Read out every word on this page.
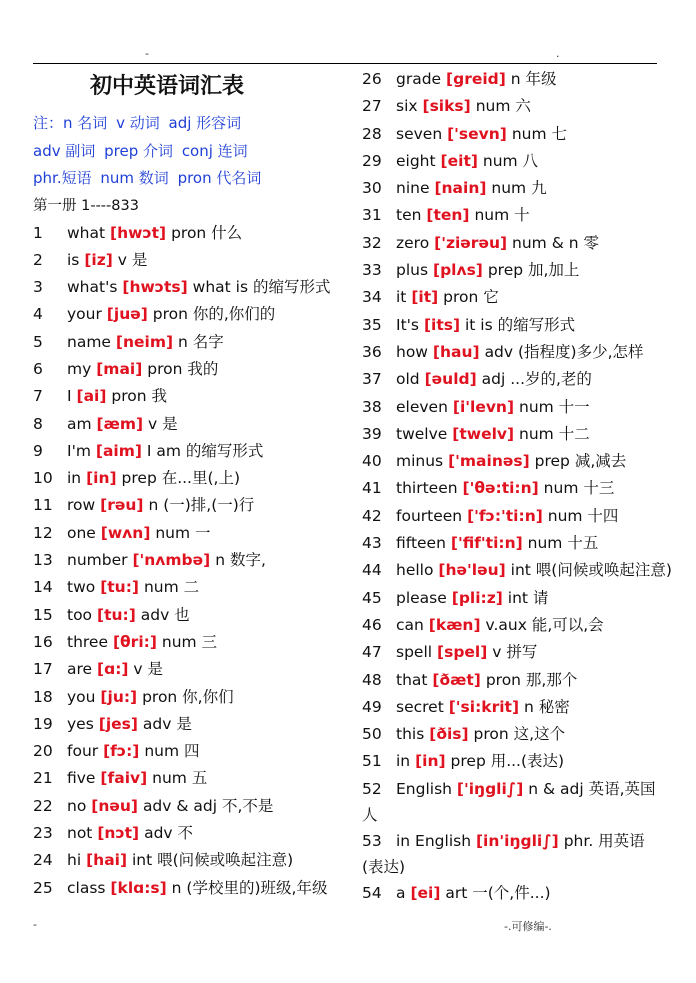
-	.
初中英语词汇表
注：n 名词 v 动词 adj 形容词
adv 副词 prep 介词 conj 连词
phr.短语 num 数词 pron 代名词
第一册 1----833
1 what [hwɔt] pron 什么
2 is [iz] v 是
3 what's [hwɔts] what is 的缩写形式
4 your [juə] pron 你的,你们的
5 name [neim] n 名字
6 my [mai] pron 我的
7 I [ai] pron 我
8 am [æm] v 是
9 I'm [aim] I am 的缩写形式
10 in [in] prep 在...里(,上)
11 row [rəu] n (一)排,(一)行
12 one [wʌn] num 一
13 number ['nʌmbə] n 数字,
14 two [tu:] num 二
15 too [tu:] adv 也
16 three [θri:] num 三
17 are [ɑ:] v 是
18 you [ju:] pron 你,你们
19 yes [jes] adv 是
20 four [fɔ:] num 四
21 five [faiv] num 五
22 no [nəu] adv & adj 不,不是
23 not [nɔt] adv 不
24 hi [hai] int 喂(问候或唤起注意)
25 class [klɑ:s] n (学校里的)班级,年级
26 grade [greid] n 年级
27 six [siks] num 六
28 seven ['sevn] num 七
29 eight [eit] num 八
30 nine [nain] num 九
31 ten [ten] num 十
32 zero ['ziərəu] num & n 零
33 plus [plʌs] prep 加,加上
34 it [it] pron 它
35 It's [its] it is 的缩写形式
36 how [hau] adv (指程度)多少,怎样
37 old [əuld] adj ...岁的,老的
38 eleven [i'levn] num 十一
39 twelve [twelv] num 十二
40 minus ['mainəs] prep 减,减去
41 thirteen ['θə:ti:n] num 十三
42 fourteen ['fɔ:'ti:n] num 十四
43 fifteen ['fif'ti:n] num 十五
44 hello [hə'ləu] int 喂(问候或唤起注意)
45 please [pli:z] int 请
46 can [kæn] v.aux 能,可以,会
47 spell [spel] v 拼写
48 that [ðæt] pron 那,那个
49 secret ['si:krit] n 秘密
50 this [ðis] pron 这,这个
51 in [in] prep 用...(表达)
52 English ['iŋgli∫] n & adj 英语,英国人
53 in English [in'iŋgli∫] phr. 用英语(表达)
54 a [ei] art 一(个,件...)
-	-.可修编-.
